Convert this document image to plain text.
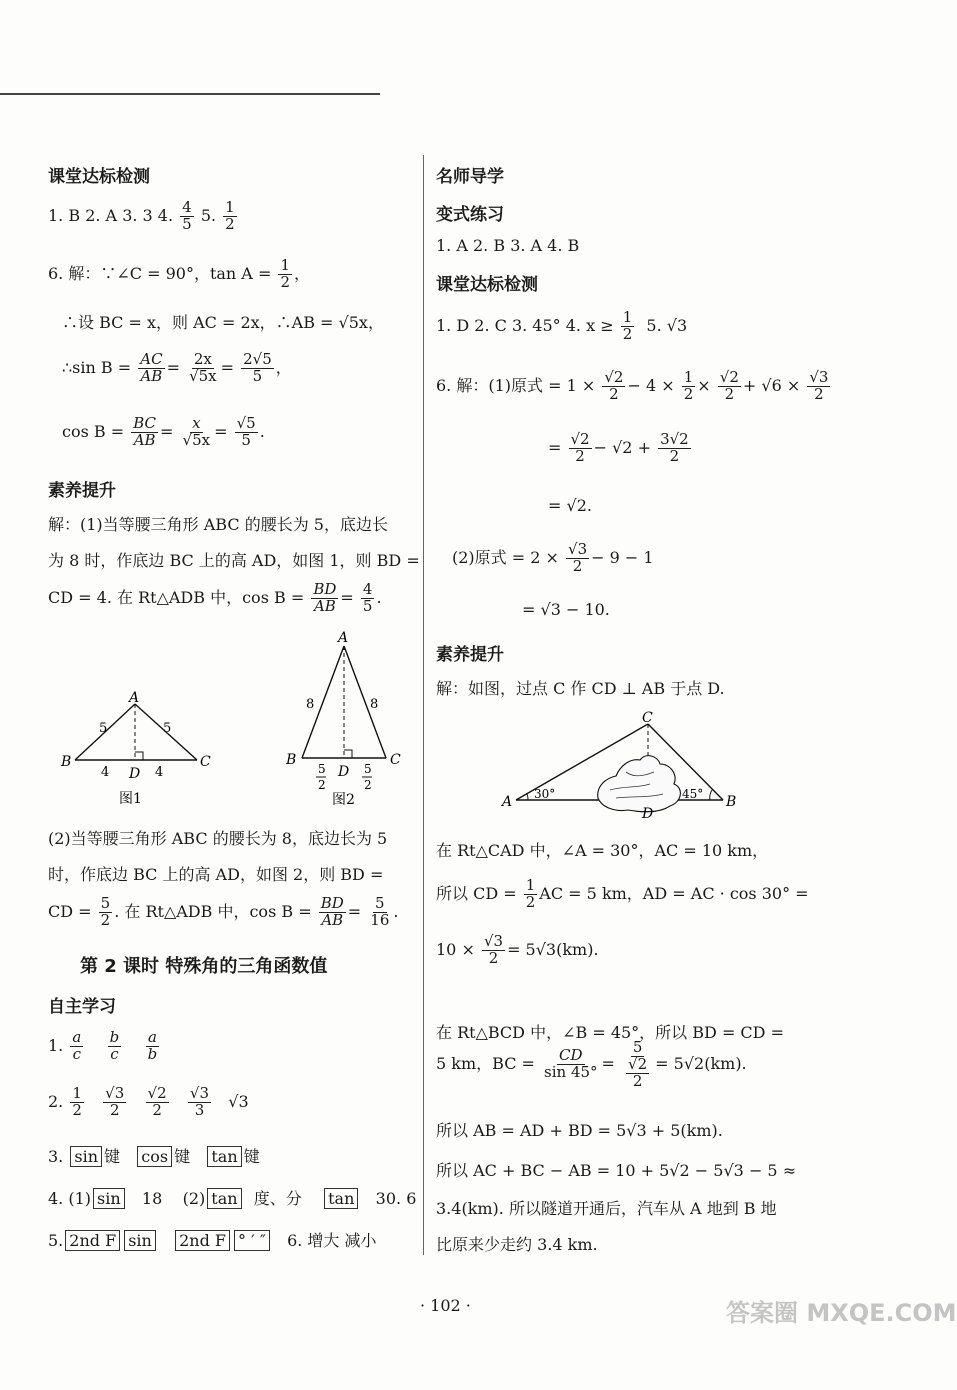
课堂达标检测
1. B 2. A 3. 3 4. $\frac{4}{5} 5$. $\frac{1}{2}$
6. 解：∵∠C = 90°，$\tan A = \frac{1}{2}$ ，
∴设 BC = x，则 AC = 2x，∴AB = √5x，
∴sin $B = \frac{AC}{AB} = \frac{2x}{√5x} = \frac{2√5}{5}$ ，
$\cos B = \frac{BC}{AB} = \frac{x}{√5x} = \frac{√5}{5}$ .
素养提升
解：(1)当等腰三角形 ABC 的腰长为 5，底边长
为 8 时，作底边 BC 上的高 AD，如图 1，则 BD =
CD = 4. 在 Rt△ADB 中，$\cos B = \frac{BD}{AB} = \frac{4}{5}$ .
A
B	C
D
5	5
4	4
图1
A
B	C
D
8	8
5
2
5
2
图2
(2)当等腰三角形 ABC 的腰长为 8，底边长为 5
时，作底边 BC 上的高 AD，如图 2，则 BD =
CD = $\frac{5}{2}$ . 在 Rt△ADB 中，$\cos B = \frac{BD}{AB} = \frac{5}{16}$ .
第 2 课时 特殊角的三角函数值
自主学习
1. $\frac{a}{c}$
$\frac{b}{c}$
$\frac{a}{b}$
2. $\frac{1}{2}$
$\frac{√3}{2}$
$\frac{√2}{2}$
$\frac{√3}{3} √3$
3. sin 键 cos 键 tan 键
4. (1) sin 18 (2) tan 度、分 tan 30. 6
5. 2nd F sin 2nd F ° ′ ″ 6. 增大 减小
名师导学
变式练习
1. A 2. B 3. A 4. B
课堂达标检测
1. D 2. C 3. 45° 4. $x \ge \frac{1}{2} 5$. √3
6. 解：(1)原式 = $1 \times \frac{√2}{2} - 4 \times \frac{1}{2} \times \frac{√2}{2} + √6 \times \frac{√3}{2}$
= $\frac{√2}{2} - √2 + \frac{3√2}{2}$
= √2.
(2)原式 = $2 \times \frac{√3}{2} - 9 - 1$
= √3 − 10.
素养提升
解：如图，过点 C 作 CD ⊥ AB 于点 D.
C
A	B
D
30°	45°
在 Rt△CAD 中，∠A = 30°，AC = 10 km，
所以 CD = $\frac{1}{2}$ AC = 5 km，AD = AC · cos 30° =
$10 \times \frac{√3}{2} = 5√3(km)$.
在 Rt△BCD 中，∠B = 45°，所以 BD = CD =
5 km，BC = $\frac{CD}{\sin 45^\circ} = \frac{5}{\frac{√2}{2}} = 5√2(km)$.
所以 AB = AD + BD = 5√3 + 5(km).
所以 AC + BC − AB = 10 + 5√2 − 5√3 − 5 ≈
3.4(km). 所以隧道开通后，汽车从 A 地到 B 地
比原来少走约 3.4 km.
· 102 ·	答案圈 MXQE.COM
